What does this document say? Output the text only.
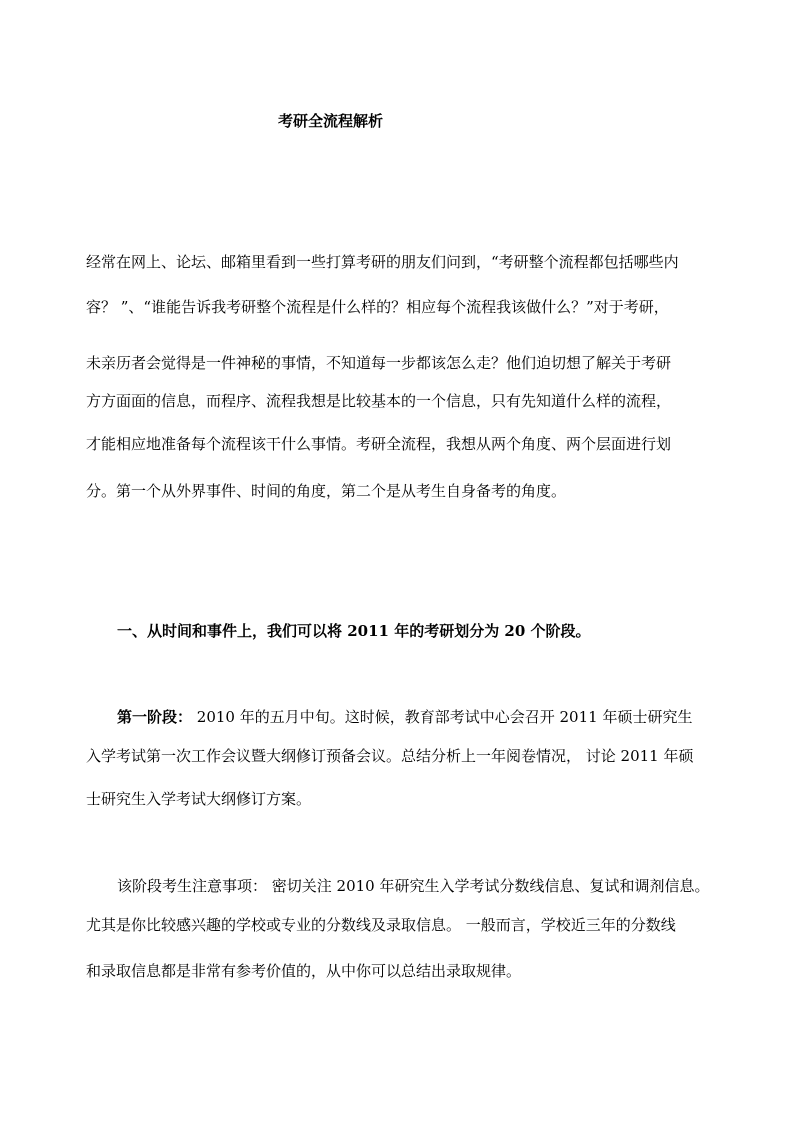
考研全流程解析

经常在网上、论坛、邮箱里看到一些打算考研的朋友们问到，“考研整个流程都包括哪些内

容？ ”、“谁能告诉我考研整个流程是什么样的？相应每个流程我该做什么？”对于考研，

未亲历者会觉得是一件神秘的事情，不知道每一步都该怎么走？他们迫切想了解关于考研

方方面面的信息，而程序、流程我想是比较基本的一个信息，只有先知道什么样的流程，

才能相应地准备每个流程该干什么事情。考研全流程，我想从两个角度、两个层面进行划

分。第一个从外界事件、时间的角度，第二个是从考生自身备考的角度。

一、从时间和事件上，我们可以将 2011 年的考研划分为 20 个阶段。

第一阶段： 2010 年的五月中旬。这时候，教育部考试中心会召开 2011 年硕士研究生

入学考试第一次工作会议暨大纲修订预备会议。总结分析上一年阅卷情况， 讨论 2011 年硕

士研究生入学考试大纲修订方案。

该阶段考生注意事项： 密切关注 2010 年研究生入学考试分数线信息、复试和调剂信息。

尤其是你比较感兴趣的学校或专业的分数线及录取信息。 一般而言，学校近三年的分数线

和录取信息都是非常有参考价值的，从中你可以总结出录取规律。
